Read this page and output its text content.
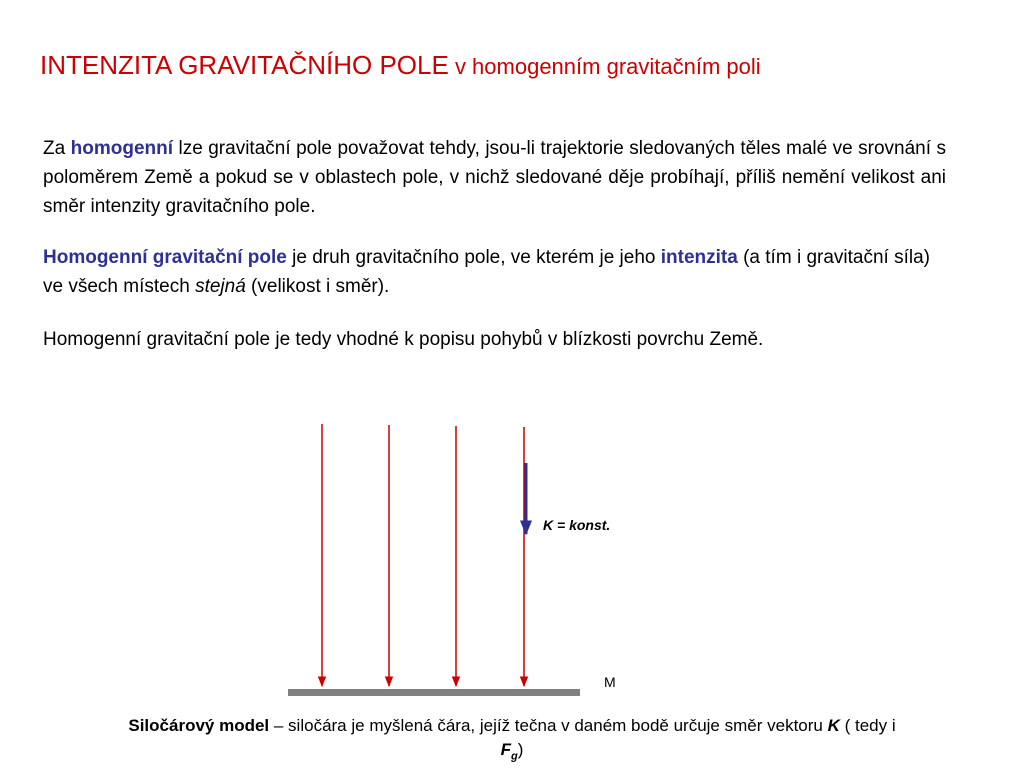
INTENZITA GRAVITAČNÍHO POLE v homogenním gravitačním poli

Za homogenní lze gravitační pole považovat tehdy, jsou-li trajektorie sledovaných těles malé ve srovnání s poloměrem Země a pokud se v oblastech pole, v nichž sledované děje probíhají, příliš nemění velikost ani směr intenzity gravitačního pole.

Homogenní gravitační pole je druh gravitačního pole, ve kterém je jeho intenzita (a tím i gravitační síla) ve všech místech stejná (velikost i směr).

Homogenní gravitační pole je tedy vhodné k popisu pohybů v blízkosti povrchu Země.

K = konst.
M
Siločárový model – siločára je myšlená čára, jejíž tečna v daném bodě určuje směr vektoru K ( tedy i
$F_g$)
